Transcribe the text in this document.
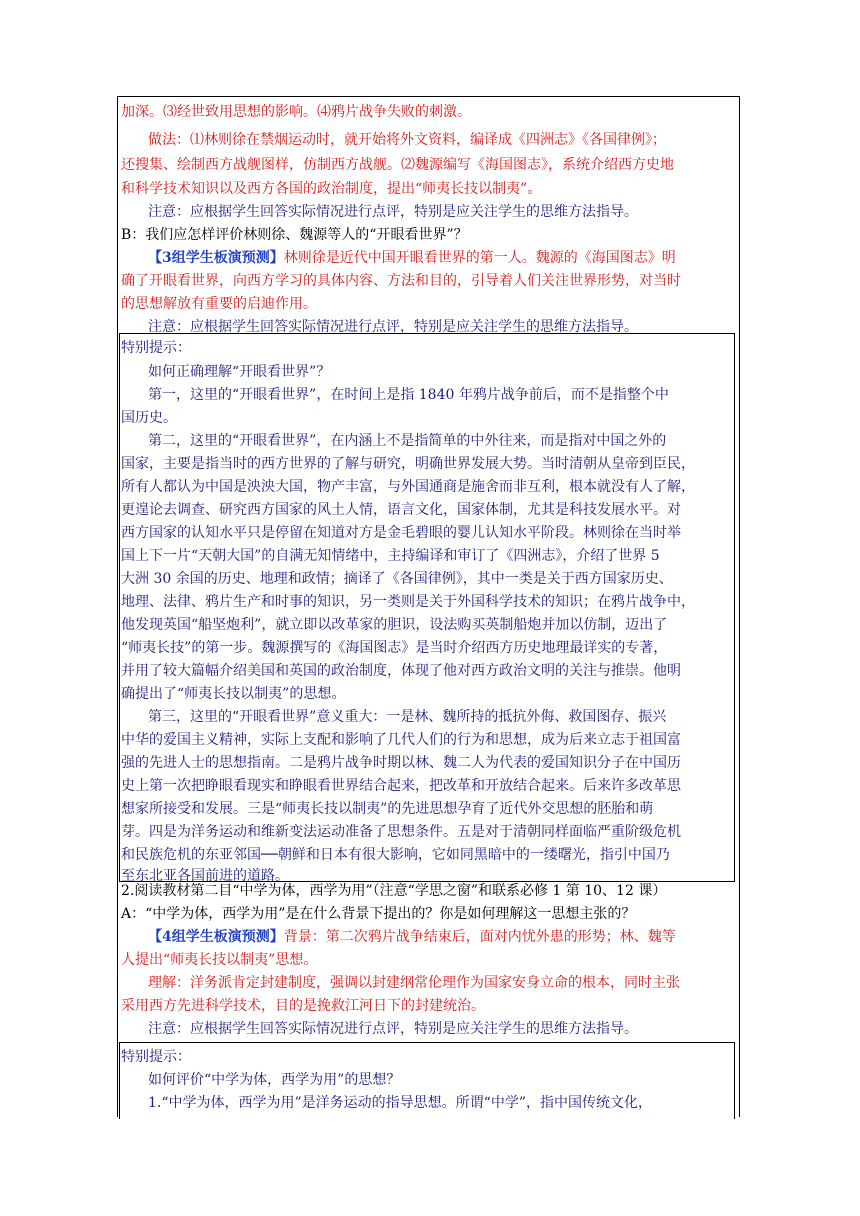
加深。⑶经世致用思想的影响。⑷鸦片战争失败的刺激。
做法：⑴林则徐在禁烟运动时，就开始将外文资料，编译成《四洲志》《各国律例》；
还搜集、绘制西方战舰图样，仿制西方战舰。⑵魏源编写《海国图志》，系统介绍西方史地
和科学技术知识以及西方各国的政治制度，提出“师夷长技以制夷”。
注意：应根据学生回答实际情况进行点评，特别是应关注学生的思维方法指导。
B：我们应怎样评价林则徐、魏源等人的“开眼看世界”？
【3组学生板演预测】林则徐是近代中国开眼看世界的第一人。魏源的《海国图志》明
确了开眼看世界，向西方学习的具体内容、方法和目的，引导着人们关注世界形势，对当时
的思想解放有重要的启迪作用。
注意：应根据学生回答实际情况进行点评，特别是应关注学生的思维方法指导。
特别提示：
如何正确理解“开眼看世界”？
第一，这里的“开眼看世界”，在时间上是指 1840 年鸦片战争前后，而不是指整个中
国历史。
第二，这里的“开眼看世界”，在内涵上不是指简单的中外往来，而是指对中国之外的
国家，主要是指当时的西方世界的了解与研究，明确世界发展大势。当时清朝从皇帝到臣民，
所有人都认为中国是泱泱大国，物产丰富，与外国通商是施舍而非互利，根本就没有人了解，
更遑论去调查、研究西方国家的风土人情，语言文化，国家体制，尤其是科技发展水平。对
西方国家的认知水平只是停留在知道对方是金毛碧眼的婴儿认知水平阶段。林则徐在当时举
国上下一片“天朝大国”的自满无知情绪中，主持编译和审订了《四洲志》，介绍了世界 5
大洲 30 余国的历史、地理和政情；摘译了《各国律例》，其中一类是关于西方国家历史、
地理、法律、鸦片生产和时事的知识，另一类则是关于外国科学技术的知识；在鸦片战争中，
他发现英国“船坚炮利”，就立即以改革家的胆识，设法购买英制船炮并加以仿制，迈出了
“师夷长技”的第一步。魏源撰写的《海国图志》是当时介绍西方历史地理最详实的专著，
并用了较大篇幅介绍美国和英国的政治制度，体现了他对西方政治文明的关注与推崇。他明
确提出了“师夷长技以制夷”的思想。
第三，这里的“开眼看世界”意义重大：一是林、魏所持的抵抗外侮、救国图存、振兴
中华的爱国主义精神，实际上支配和影响了几代人们的行为和思想，成为后来立志于祖国富
强的先进人士的思想指南。二是鸦片战争时期以林、魏二人为代表的爱国知识分子在中国历
史上第一次把睁眼看现实和睁眼看世界结合起来，把改革和开放结合起来。后来许多改革思
想家所接受和发展。三是“师夷长技以制夷”的先进思想孕育了近代外交思想的胚胎和萌
芽。四是为洋务运动和维新变法运动准备了思想条件。五是对于清朝同样面临严重阶级危机
和民族危机的东亚邻国──朝鲜和日本有很大影响，它如同黑暗中的一缕曙光，指引中国乃
至东北亚各国前进的道路。
2.阅读教材第二目“中学为体，西学为用”（注意“学思之窗”和联系必修 1 第 10、12 课）
A：“中学为体，西学为用”是在什么背景下提出的？你是如何理解这一思想主张的？
【4组学生板演预测】背景：第二次鸦片战争结束后，面对内忧外患的形势；林、魏等
人提出“师夷长技以制夷”思想。
理解：洋务派肯定封建制度，强调以封建纲常伦理作为国家安身立命的根本，同时主张
采用西方先进科学技术，目的是挽救江河日下的封建统治。
注意：应根据学生回答实际情况进行点评，特别是应关注学生的思维方法指导。
特别提示：
如何评价“中学为体，西学为用”的思想？
1.“中学为体，西学为用”是洋务运动的指导思想。所谓“中学”，指中国传统文化，
